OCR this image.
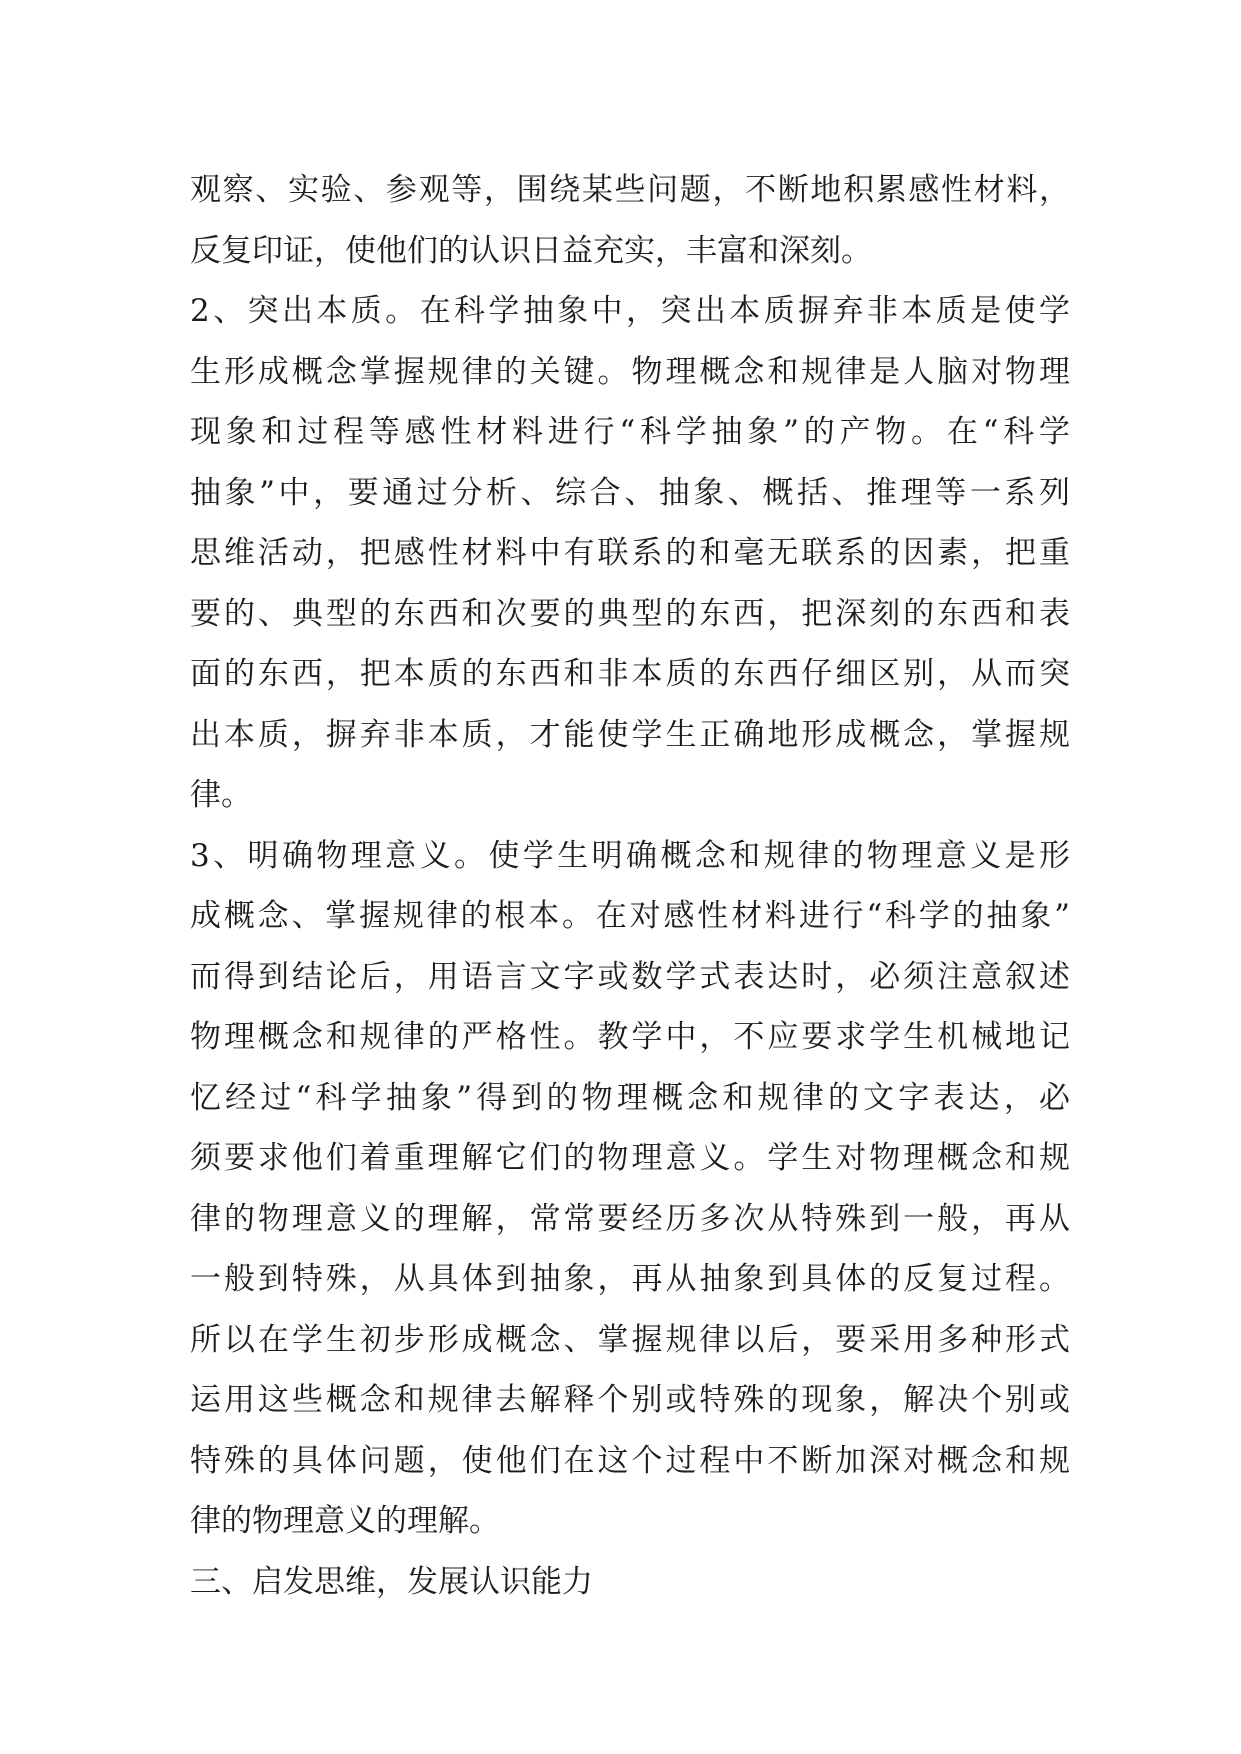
观察、实验、参观等，围绕某些问题，不断地积累感性材料，
反复印证，使他们的认识日益充实，丰富和深刻。
2、突出本质。在科学抽象中，突出本质摒弃非本质是使学
生形成概念掌握规律的关键。物理概念和规律是人脑对物理
现象和过程等感性材料进行“科学抽象”的产物。在“科学
抽象”中，要通过分析、综合、抽象、概括、推理等一系列
思维活动，把感性材料中有联系的和毫无联系的因素，把重
要的、典型的东西和次要的典型的东西，把深刻的东西和表
面的东西，把本质的东西和非本质的东西仔细区别，从而突
出本质，摒弃非本质，才能使学生正确地形成概念，掌握规
律。
3、明确物理意义。使学生明确概念和规律的物理意义是形
成概念、掌握规律的根本。在对感性材料进行“科学的抽象”
而得到结论后，用语言文字或数学式表达时，必须注意叙述
物理概念和规律的严格性。教学中，不应要求学生机械地记
忆经过“科学抽象”得到的物理概念和规律的文字表达，必
须要求他们着重理解它们的物理意义。学生对物理概念和规
律的物理意义的理解，常常要经历多次从特殊到一般，再从
一般到特殊，从具体到抽象，再从抽象到具体的反复过程。
所以在学生初步形成概念、掌握规律以后，要采用多种形式
运用这些概念和规律去解释个别或特殊的现象，解决个别或
特殊的具体问题，使他们在这个过程中不断加深对概念和规
律的物理意义的理解。
三、启发思维，发展认识能力
